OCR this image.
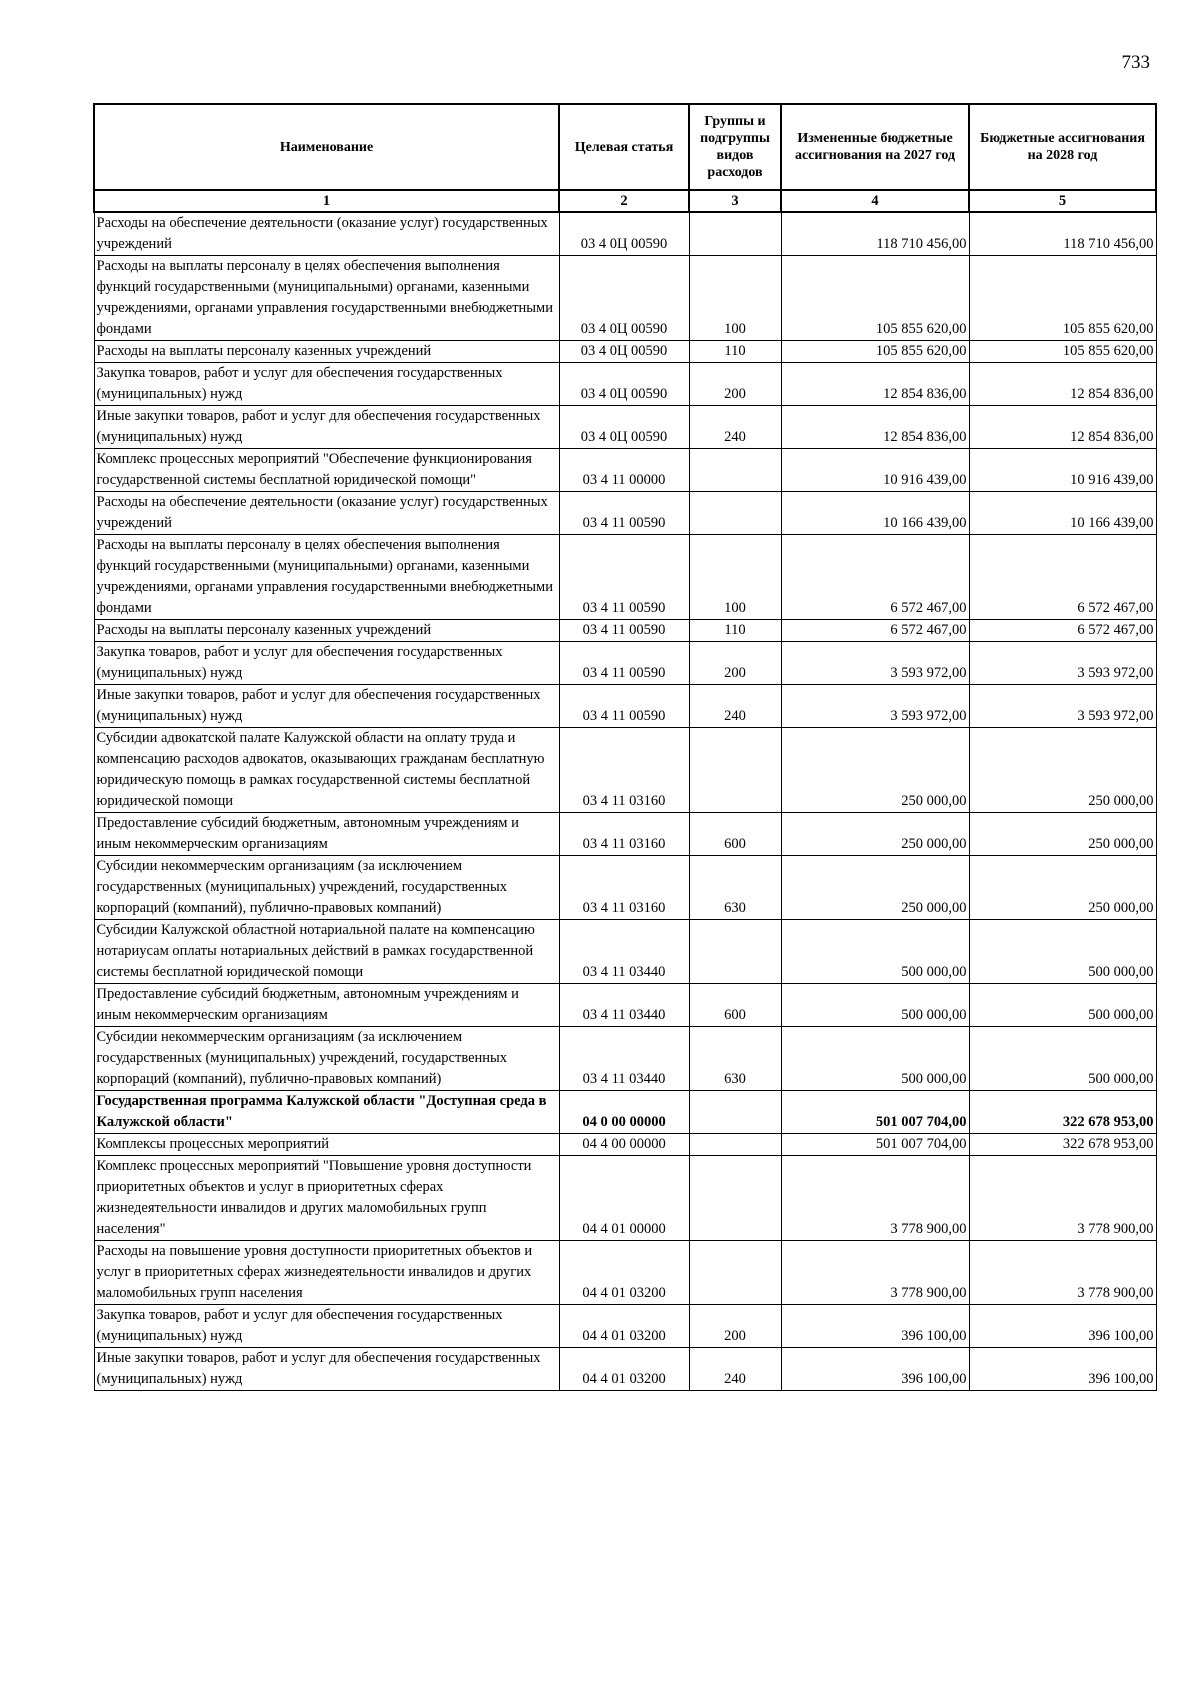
733
Наименование	Целевая статья	Группы и подгруппы видов расходов	Измененные бюджетные ассигнования на 2027 год	Бюджетные ассигнования на 2028 год
1	2	3	4	5
Расходы на обеспечение деятельности (оказание услуг) государственных учреждений	03 4 0Ц 00590		118 710 456,00	118 710 456,00
Расходы на выплаты персоналу в целях обеспечения выполнения функций государственными (муниципальными) органами, казенными учреждениями, органами управления государственными внебюджетными фондами	03 4 0Ц 00590	100	105 855 620,00	105 855 620,00
Расходы на выплаты персоналу казенных учреждений	03 4 0Ц 00590	110	105 855 620,00	105 855 620,00
Закупка товаров, работ и услуг для обеспечения государственных (муниципальных) нужд	03 4 0Ц 00590	200	12 854 836,00	12 854 836,00
Иные закупки товаров, работ и услуг для обеспечения государственных (муниципальных) нужд	03 4 0Ц 00590	240	12 854 836,00	12 854 836,00
Комплекс процессных мероприятий "Обеспечение функционирования государственной системы бесплатной юридической помощи"	03 4 11 00000		10 916 439,00	10 916 439,00
Расходы на обеспечение деятельности (оказание услуг) государственных учреждений	03 4 11 00590		10 166 439,00	10 166 439,00
Расходы на выплаты персоналу в целях обеспечения выполнения функций государственными (муниципальными) органами, казенными учреждениями, органами управления государственными внебюджетными фондами	03 4 11 00590	100	6 572 467,00	6 572 467,00
Расходы на выплаты персоналу казенных учреждений	03 4 11 00590	110	6 572 467,00	6 572 467,00
Закупка товаров, работ и услуг для обеспечения государственных (муниципальных) нужд	03 4 11 00590	200	3 593 972,00	3 593 972,00
Иные закупки товаров, работ и услуг для обеспечения государственных (муниципальных) нужд	03 4 11 00590	240	3 593 972,00	3 593 972,00
Субсидии адвокатской палате Калужской области на оплату труда и компенсацию расходов адвокатов, оказывающих гражданам бесплатную юридическую помощь в рамках государственной системы бесплатной юридической помощи	03 4 11 03160		250 000,00	250 000,00
Предоставление субсидий бюджетным, автономным учреждениям и иным некоммерческим организациям	03 4 11 03160	600	250 000,00	250 000,00
Субсидии некоммерческим организациям (за исключением государственных (муниципальных) учреждений, государственных корпораций (компаний), публично-правовых компаний)	03 4 11 03160	630	250 000,00	250 000,00
Субсидии Калужской областной нотариальной палате на компенсацию нотариусам оплаты нотариальных действий в рамках государственной системы бесплатной юридической помощи	03 4 11 03440		500 000,00	500 000,00
Предоставление субсидий бюджетным, автономным учреждениям и иным некоммерческим организациям	03 4 11 03440	600	500 000,00	500 000,00
Субсидии некоммерческим организациям (за исключением государственных (муниципальных) учреждений, государственных корпораций (компаний), публично-правовых компаний)	03 4 11 03440	630	500 000,00	500 000,00
Государственная программа Калужской области "Доступная среда в Калужской области"	04 0 00 00000		501 007 704,00	322 678 953,00
Комплексы процессных мероприятий	04 4 00 00000		501 007 704,00	322 678 953,00
Комплекс процессных мероприятий "Повышение уровня доступности приоритетных объектов и услуг в приоритетных сферах жизнедеятельности инвалидов и других маломобильных групп населения"	04 4 01 00000		3 778 900,00	3 778 900,00
Расходы на повышение уровня доступности приоритетных объектов и услуг в приоритетных сферах жизнедеятельности инвалидов и других маломобильных групп населения	04 4 01 03200		3 778 900,00	3 778 900,00
Закупка товаров, работ и услуг для обеспечения государственных (муниципальных) нужд	04 4 01 03200	200	396 100,00	396 100,00
Иные закупки товаров, работ и услуг для обеспечения государственных (муниципальных) нужд	04 4 01 03200	240	396 100,00	396 100,00
